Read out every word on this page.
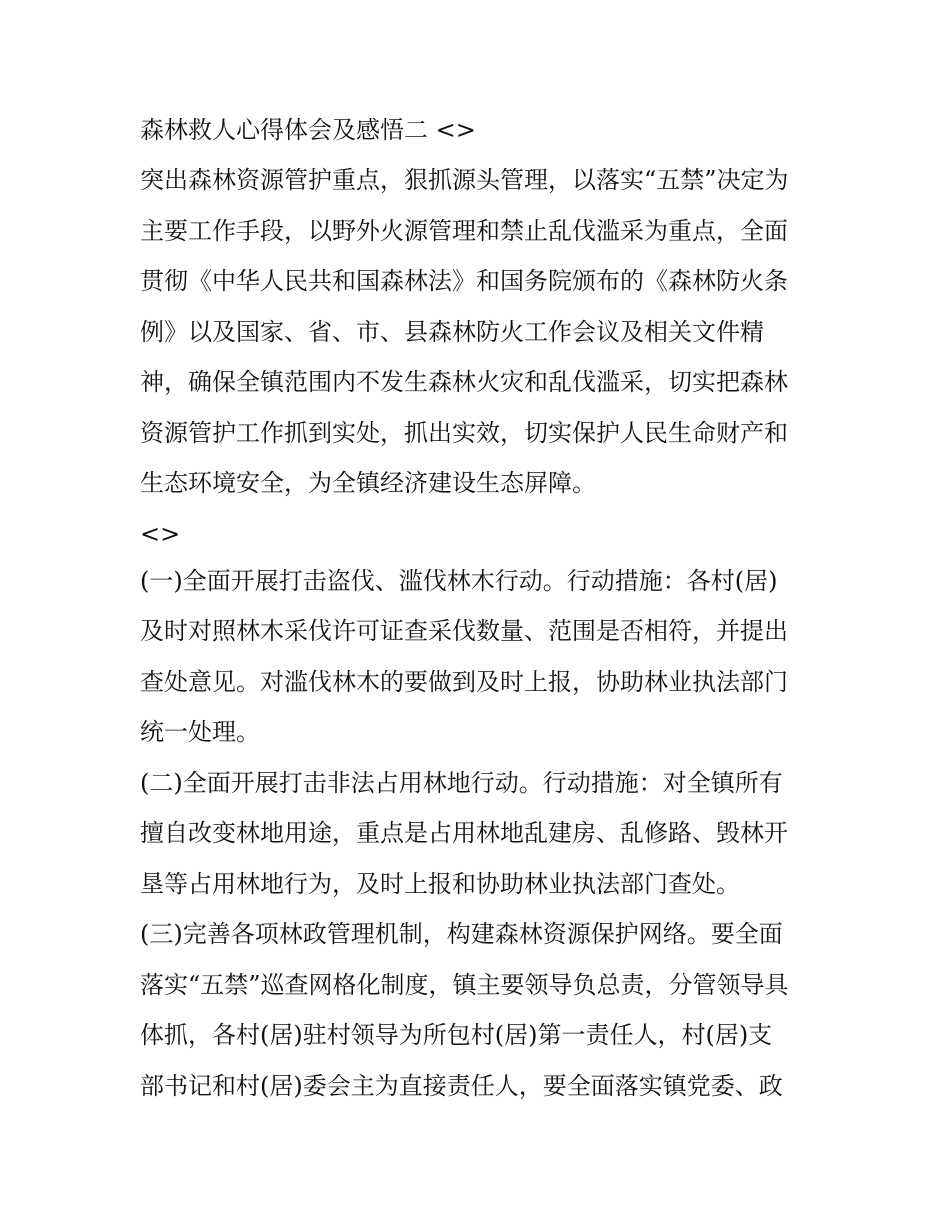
森林救人心得体会及感悟二 <>
突出森林资源管护重点，狠抓源头管理，以落实“五禁”决定为
主要工作手段，以野外火源管理和禁止乱伐滥采为重点，全面
贯彻《中华人民共和国森林法》和国务院颁布的《森林防火条
例》以及国家、省、市、县森林防火工作会议及相关文件精
神，确保全镇范围内不发生森林火灾和乱伐滥采，切实把森林
资源管护工作抓到实处，抓出实效，切实保护人民生命财产和
生态环境安全，为全镇经济建设生态屏障。
<>
(一)全面开展打击盗伐、滥伐林木行动。行动措施：各村(居)
及时对照林木采伐许可证查采伐数量、范围是否相符，并提出
查处意见。对滥伐林木的要做到及时上报，协助林业执法部门
统一处理。
(二)全面开展打击非法占用林地行动。行动措施：对全镇所有
擅自改变林地用途，重点是占用林地乱建房、乱修路、毁林开
垦等占用林地行为，及时上报和协助林业执法部门查处。
(三)完善各项林政管理机制，构建森林资源保护网络。要全面
落实“五禁”巡查网格化制度，镇主要领导负总责，分管领导具
体抓，各村(居)驻村领导为所包村(居)第一责任人，村(居)支
部书记和村(居)委会主为直接责任人，要全面落实镇党委、政
